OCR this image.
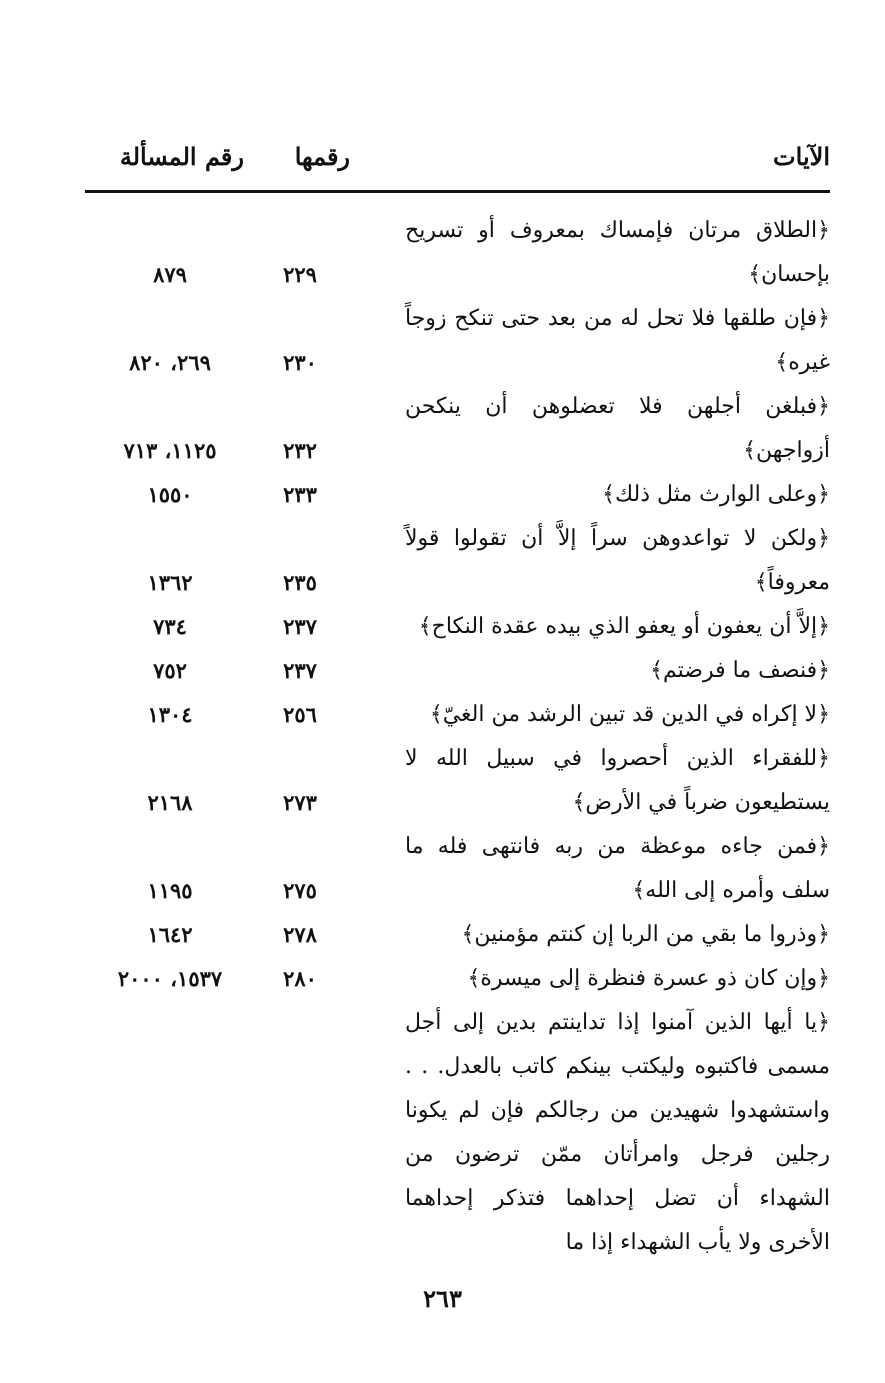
الآيات
رقمها
رقم المسألة
﴿الطلاق مرتان فإمساك بمعروف أو تسريح بإحسان﴾
٢٢٩
٨٧٩
﴿فإن طلقها فلا تحل له من بعد حتى تنكح زوجاً غيره﴾
٢٣٠
٢٦٩، ٨٢٠
﴿فبلغن أجلهن فلا تعضلوهن أن ينكحن أزواجهن﴾
٢٣٢
١١٢٥، ٧١٣
﴿وعلى الوارث مثل ذلك﴾
٢٣٣
١٥٥٠
﴿ولكن لا تواعدوهن سراً إلاَّ أن تقولوا قولاً معروفاً﴾
٢٣٥
١٣٦٢
﴿إلاَّ أن يعفون أو يعفو الذي بيده عقدة النكاح﴾
٢٣٧
٧٣٤
﴿فنصف ما فرضتم﴾
٢٣٧
٧٥٢
﴿لا إكراه في الدين قد تبين الرشد من الغيّ﴾
٢٥٦
١٣٠٤
﴿للفقراء الذين أحصروا في سبيل الله لا يستطيعون ضرباً في الأرض﴾
٢٧٣
٢١٦٨
﴿فمن جاءه موعظة من ربه فانتهى فله ما سلف وأمره إلى الله﴾
٢٧٥
١١٩٥
﴿وذروا ما بقي من الربا إن كنتم مؤمنين﴾
٢٧٨
١٦٤٢
﴿وإن كان ذو عسرة فنظرة إلى ميسرة﴾
٢٨٠
١٥٣٧، ٢٠٠٠
﴿يا أيها الذين آمنوا إذا تداينتم بدين إلى أجل مسمى فاكتبوه وليكتب بينكم كاتب بالعدل. . . واستشهدوا شهيدين من رجالكم فإن لم يكونا رجلين فرجل وامرأتان ممّن ترضون من الشهداء أن تضل إحداهما فتذكر إحداهما الأخرى ولا يأب الشهداء إذا ما
٢٦٣
